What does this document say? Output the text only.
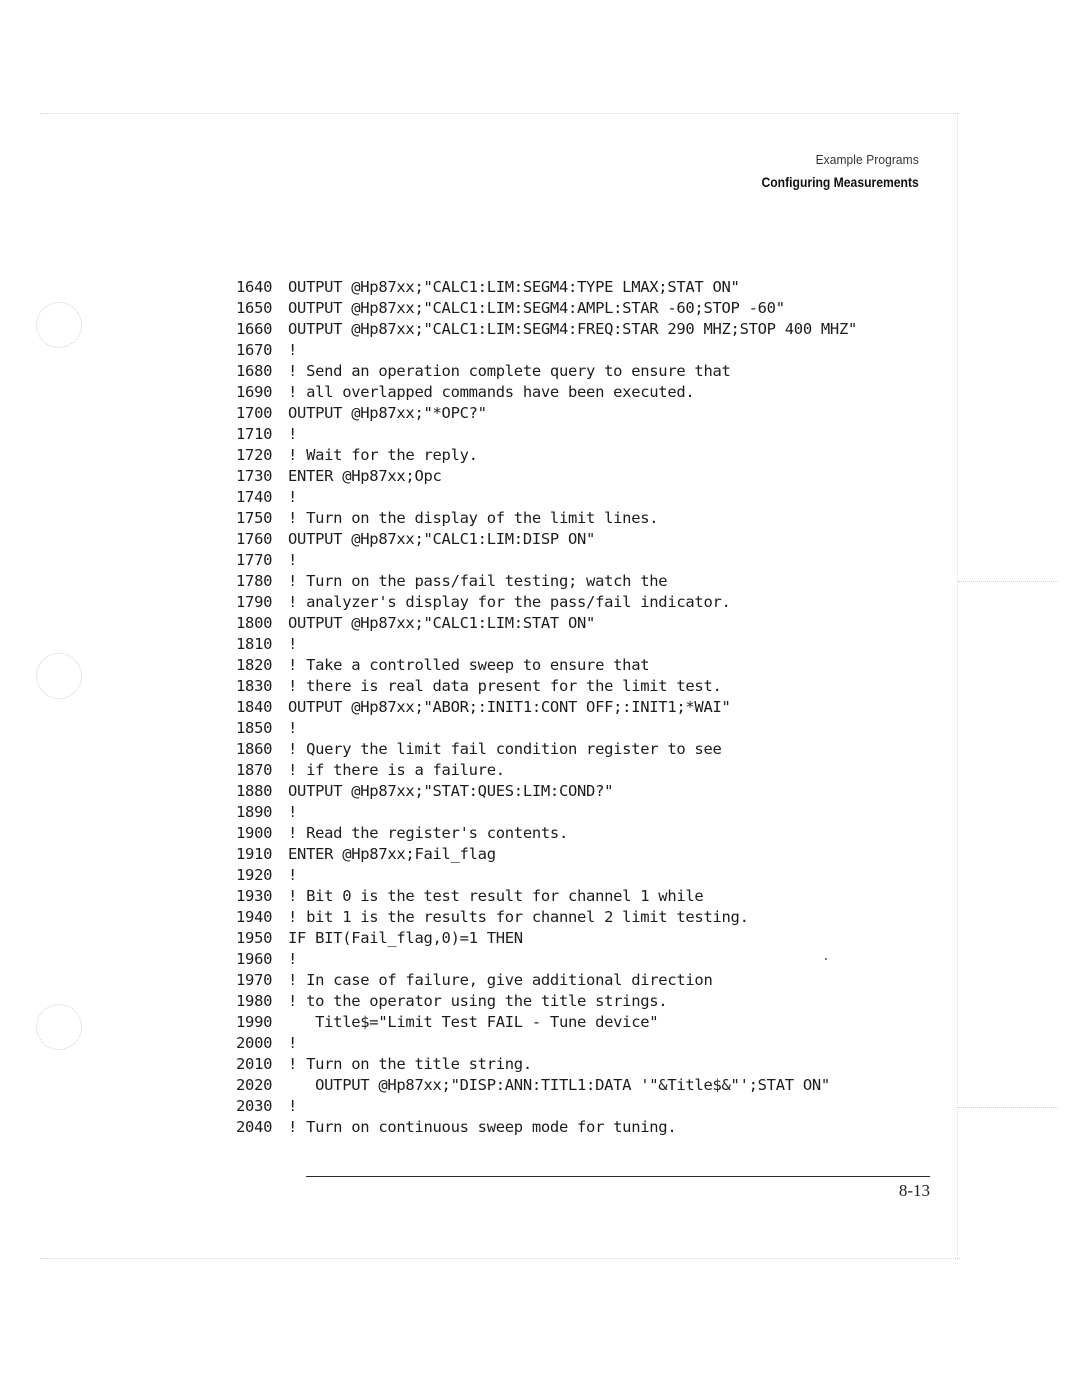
Example Programs
Configuring Measurements
1640 OUTPUT @Hp87xx;"CALC1:LIM:SEGM4:TYPE LMAX;STAT ON"
1650 OUTPUT @Hp87xx;"CALC1:LIM:SEGM4:AMPL:STAR -60;STOP -60"
1660 OUTPUT @Hp87xx;"CALC1:LIM:SEGM4:FREQ:STAR 290 MHZ;STOP 400 MHZ"
1670 !
1680 ! Send an operation complete query to ensure that
1690 ! all overlapped commands have been executed.
1700 OUTPUT @Hp87xx;"*OPC?"
1710 !
1720 ! Wait for the reply.
1730 ENTER @Hp87xx;Opc
1740 !
1750 ! Turn on the display of the limit lines.
1760 OUTPUT @Hp87xx;"CALC1:LIM:DISP ON"
1770 !
1780 ! Turn on the pass/fail testing; watch the
1790 ! analyzer's display for the pass/fail indicator.
1800 OUTPUT @Hp87xx;"CALC1:LIM:STAT ON"
1810 !
1820 ! Take a controlled sweep to ensure that
1830 ! there is real data present for the limit test.
1840 OUTPUT @Hp87xx;"ABOR;:INIT1:CONT OFF;:INIT1;*WAI"
1850 !
1860 ! Query the limit fail condition register to see
1870 ! if there is a failure.
1880 OUTPUT @Hp87xx;"STAT:QUES:LIM:COND?"
1890 !
1900 ! Read the register's contents.
1910 ENTER @Hp87xx;Fail_flag
1920 !
1930 ! Bit 0 is the test result for channel 1 while
1940 ! bit 1 is the results for channel 2 limit testing.
1950 IF BIT(Fail_flag,0)=1 THEN
1960 !
1970 ! In case of failure, give additional direction
1980 ! to the operator using the title strings.
1990   Title$="Limit Test FAIL - Tune device"
2000 !
2010 ! Turn on the title string.
2020   OUTPUT @Hp87xx;"DISP:ANN:TITL1:DATA '"&Title$&"';STAT ON"
2030 !
2040 ! Turn on continuous sweep mode for tuning.
8-13
